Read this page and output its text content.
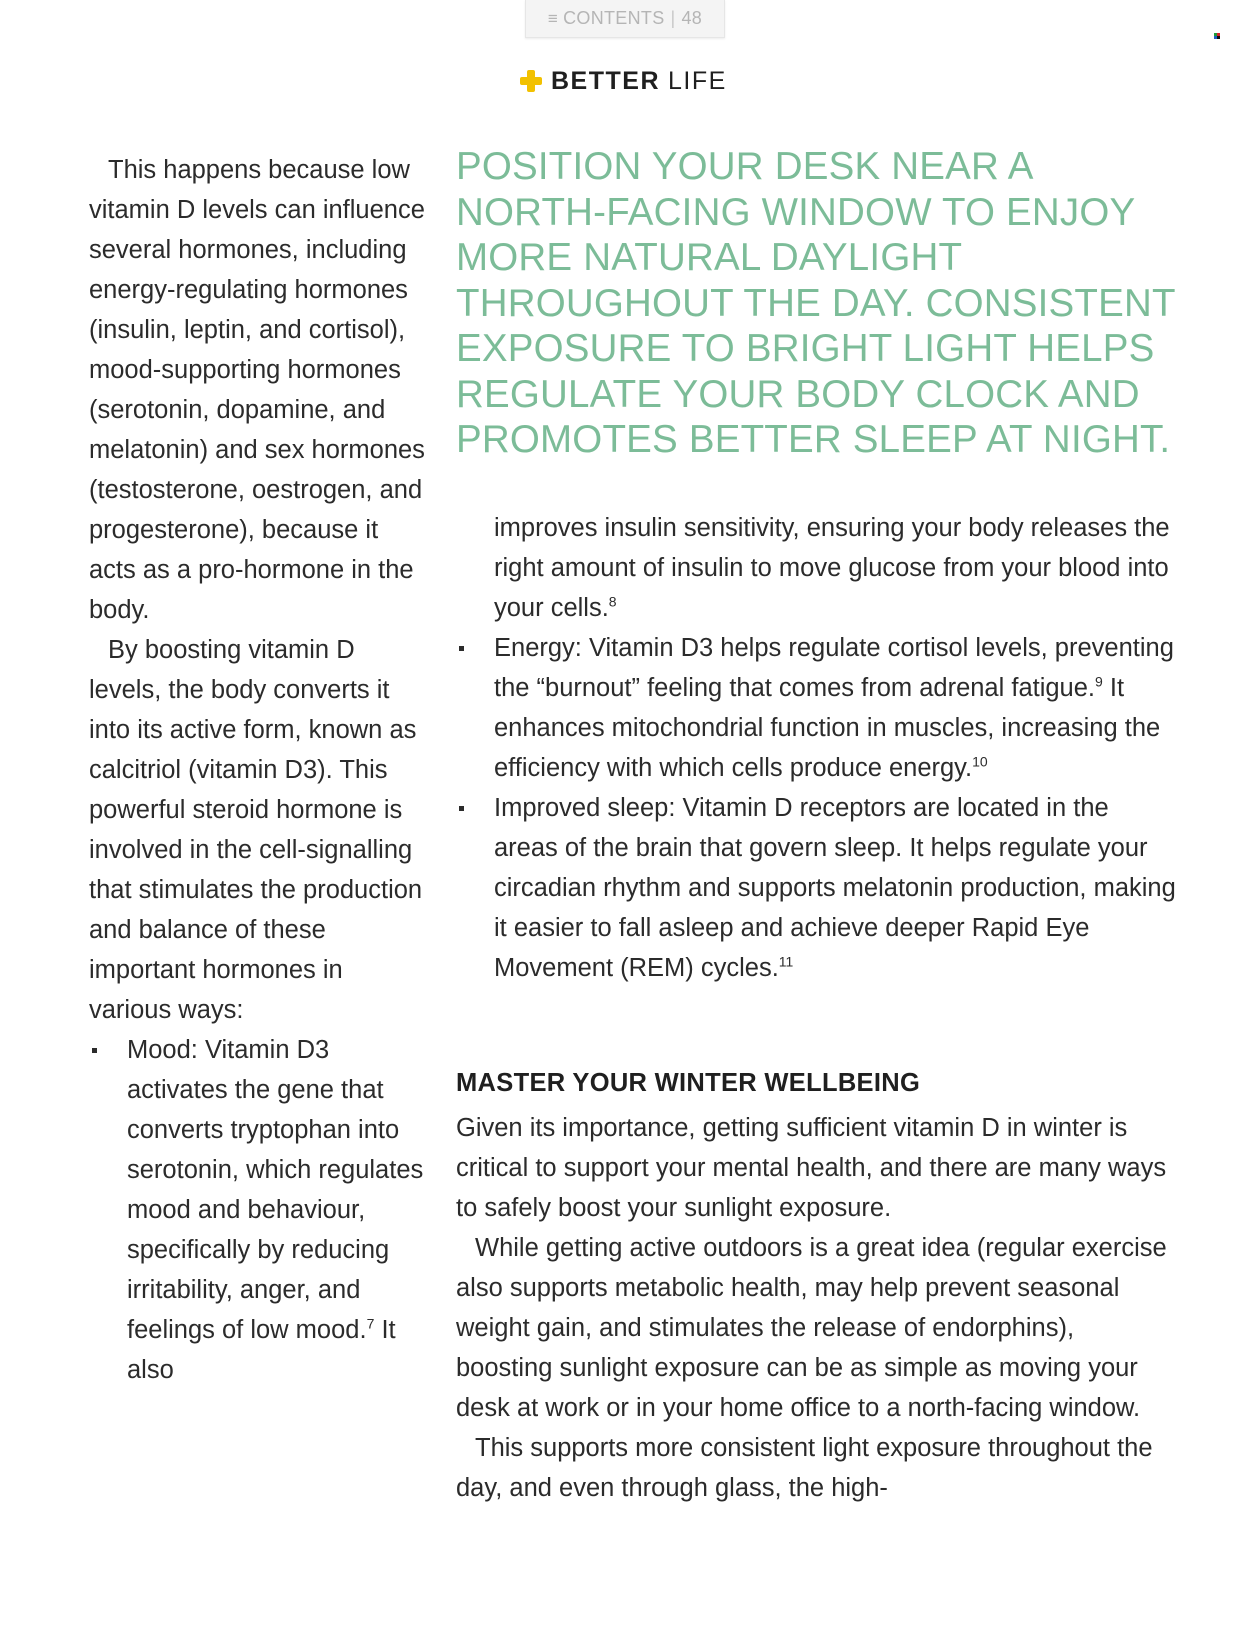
≡ CONTENTS | 48
BETTER LIFE

This happens because low vitamin D levels can influence several hormones, including energy-regulating hormones (insulin, leptin, and cortisol), mood-supporting hormones (serotonin, dopamine, and melatonin) and sex hormones (testosterone, oestrogen, and progesterone), because it acts as a pro-hormone in the body.

By boosting vitamin D levels, the body converts it into its active form, known as calcitriol (vitamin D3). This powerful steroid hormone is involved in the cell-signalling that stimulates the production and balance of these important hormones in various ways:

Mood: Vitamin D3 activates the gene that converts tryptophan into serotonin, which regulates mood and behaviour, specifically by reducing irritability, anger, and feelings of low mood.$^7$ It also
POSITION YOUR DESK NEAR A NORTH-FACING WINDOW TO ENJOY MORE NATURAL DAYLIGHT THROUGHOUT THE DAY. CONSISTENT EXPOSURE TO BRIGHT LIGHT HELPS REGULATE YOUR BODY CLOCK AND PROMOTES BETTER SLEEP AT NIGHT.

improves insulin sensitivity, ensuring your body releases the right amount of insulin to move glucose from your blood into your cells.$^8$

Energy: Vitamin D3 helps regulate cortisol levels, preventing the “burnout” feeling that comes from adrenal fatigue.$^9$ It enhances mitochondrial function in muscles, increasing the efficiency with which cells produce energy.$^{10}$
Improved sleep: Vitamin D receptors are located in the areas of the brain that govern sleep. It helps regulate your circadian rhythm and supports melatonin production, making it easier to fall asleep and achieve deeper Rapid Eye Movement (REM) cycles.$^{11}$
MASTER YOUR WINTER WELLBEING

Given its importance, getting sufficient vitamin D in winter is critical to support your mental health, and there are many ways to safely boost your sunlight exposure.

While getting active outdoors is a great idea (regular exercise also supports metabolic health, may help prevent seasonal weight gain, and stimulates the release of endorphins), boosting sunlight exposure can be as simple as moving your desk at work or in your home office to a north-facing window.

This supports more consistent light exposure throughout the day, and even through glass, the high-
